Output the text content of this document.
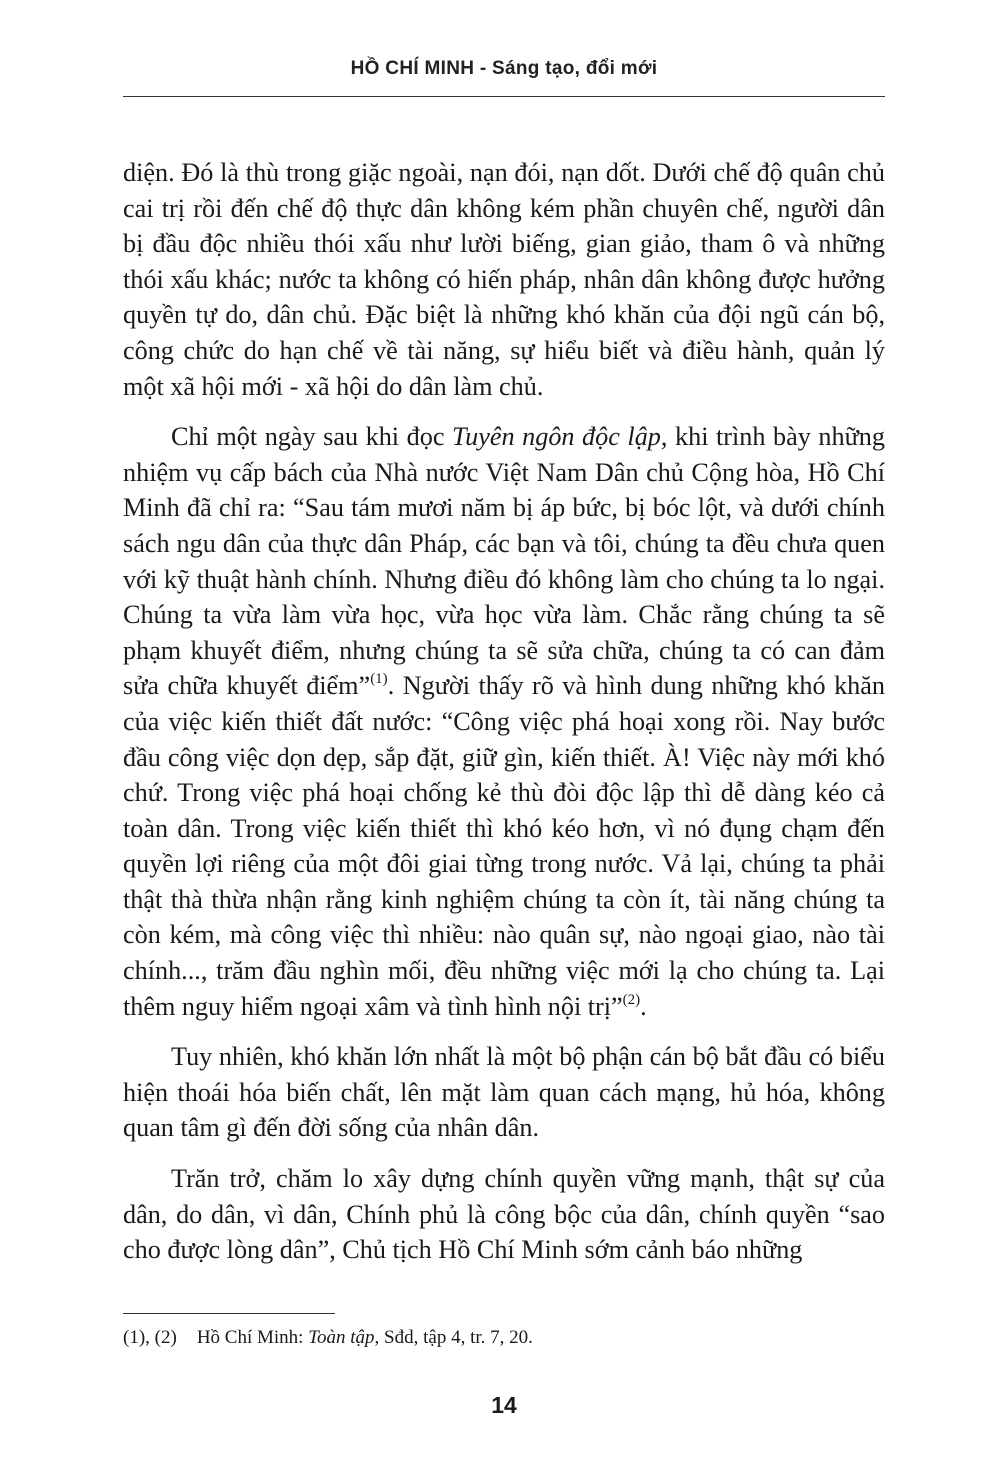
HỒ CHÍ MINH - Sáng tạo, đổi mới

diện. Đó là thù trong giặc ngoài, nạn đói, nạn dốt. Dưới chế độ quân chủ cai trị rồi đến chế độ thực dân không kém phần chuyên chế, người dân bị đầu độc nhiều thói xấu như lười biếng, gian giảo, tham ô và những thói xấu khác; nước ta không có hiến pháp, nhân dân không được hưởng quyền tự do, dân chủ. Đặc biệt là những khó khăn của đội ngũ cán bộ, công chức do hạn chế về tài năng, sự hiểu biết và điều hành, quản lý một xã hội mới - xã hội do dân làm chủ.

Chỉ một ngày sau khi đọc Tuyên ngôn độc lập, khi trình bày những nhiệm vụ cấp bách của Nhà nước Việt Nam Dân chủ Cộng hòa, Hồ Chí Minh đã chỉ ra: “Sau tám mươi năm bị áp bức, bị bóc lột, và dưới chính sách ngu dân của thực dân Pháp, các bạn và tôi, chúng ta đều chưa quen với kỹ thuật hành chính. Nhưng điều đó không làm cho chúng ta lo ngại. Chúng ta vừa làm vừa học, vừa học vừa làm. Chắc rằng chúng ta sẽ phạm khuyết điểm, nhưng chúng ta sẽ sửa chữa, chúng ta có can đảm sửa chữa khuyết điểm”$^{(1)}$. Người thấy rõ và hình dung những khó khăn của việc kiến thiết đất nước: “Công việc phá hoại xong rồi. Nay bước đầu công việc dọn dẹp, sắp đặt, giữ gìn, kiến thiết. À! Việc này mới khó chứ. Trong việc phá hoại chống kẻ thù đòi độc lập thì dễ dàng kéo cả toàn dân. Trong việc kiến thiết thì khó kéo hơn, vì nó đụng chạm đến quyền lợi riêng của một đôi giai từng trong nước. Vả lại, chúng ta phải thật thà thừa nhận rằng kinh nghiệm chúng ta còn ít, tài năng chúng ta còn kém, mà công việc thì nhiều: nào quân sự, nào ngoại giao, nào tài chính..., trăm đầu nghìn mối, đều những việc mới lạ cho chúng ta. Lại thêm nguy hiểm ngoại xâm và tình hình nội trị”$^{(2)}$.

Tuy nhiên, khó khăn lớn nhất là một bộ phận cán bộ bắt đầu có biểu hiện thoái hóa biến chất, lên mặt làm quan cách mạng, hủ hóa, không quan tâm gì đến đời sống của nhân dân.

Trăn trở, chăm lo xây dựng chính quyền vững mạnh, thật sự của dân, do dân, vì dân, Chính phủ là công bộc của dân, chính quyền “sao cho được lòng dân”, Chủ tịch Hồ Chí Minh sớm cảnh báo những

(1), (2) Hồ Chí Minh: Toàn tập, Sđd, tập 4, tr. 7, 20.
14
